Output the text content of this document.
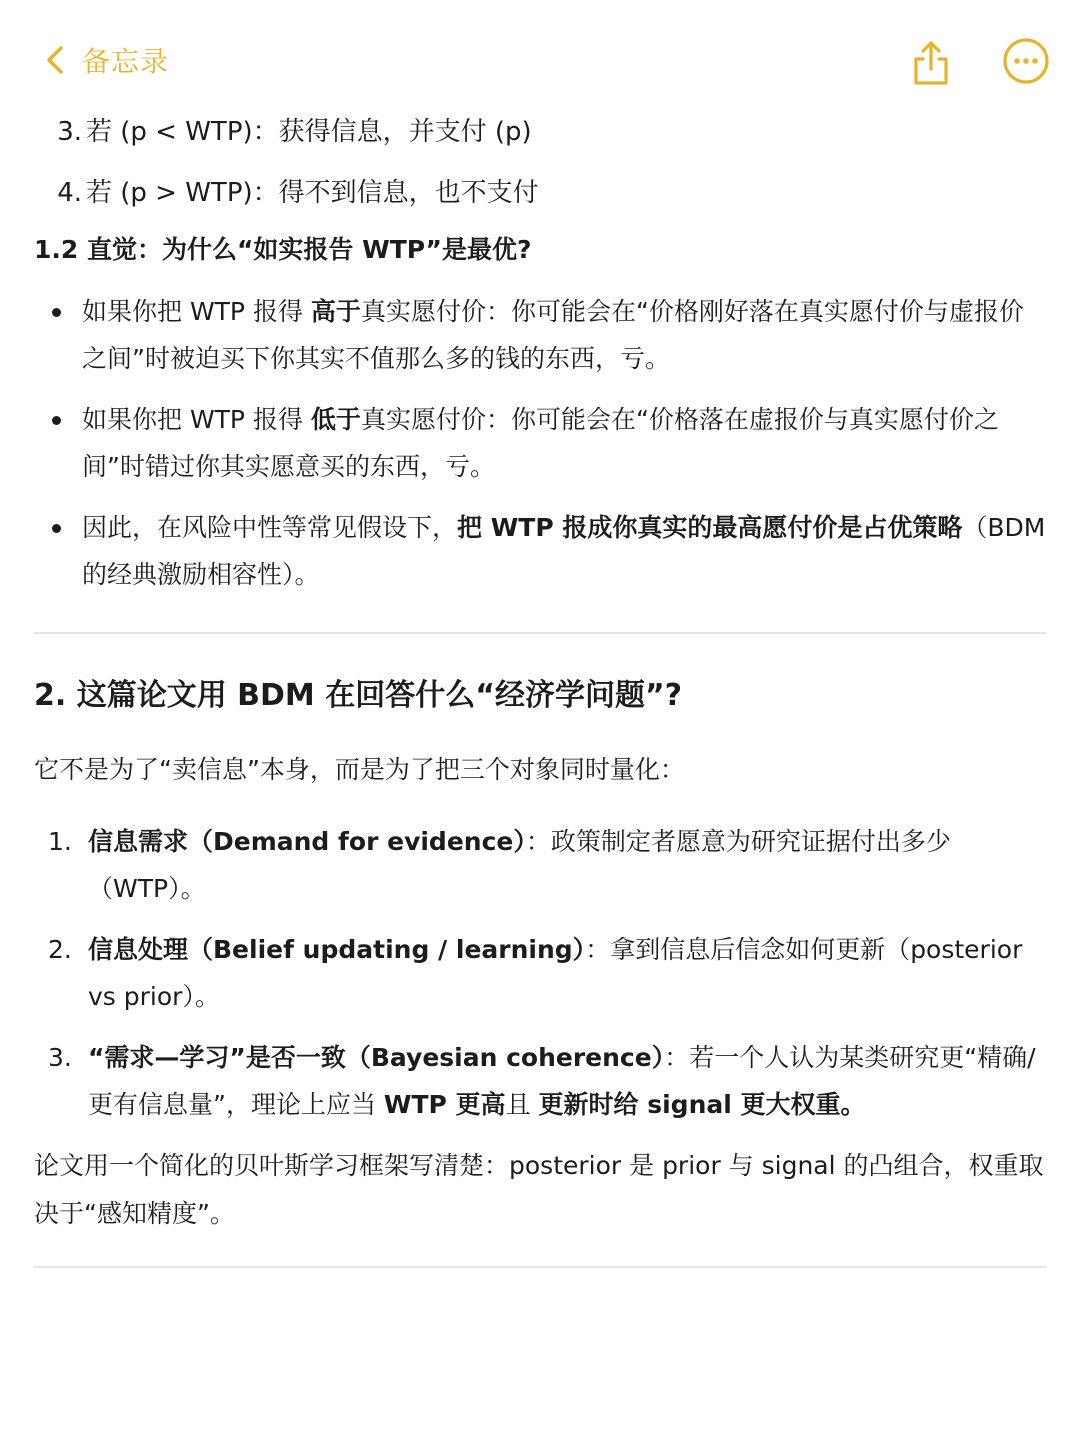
备忘录
3. 若 (p < WTP)：获得信息，并支付 (p)
4. 若 (p > WTP)：得不到信息，也不支付
1.2 直觉：为什么“如实报告 WTP”是最优?
如果你把 WTP 报得 高于真实愿付价：你可能会在“价格刚好落在真实愿付价与虚报价之间”时被迫买下你其实不值那么多的钱的东西，亏。
如果你把 WTP 报得 低于真实愿付价：你可能会在“价格落在虚报价与真实愿付价之间”时错过你其实愿意买的东西，亏。
因此，在风险中性等常见假设下，把 WTP 报成你真实的最高愿付价是占优策略（BDM 的经典激励相容性）。
2. 这篇论文用 BDM 在回答什么“经济学问题”?
它不是为了“卖信息”本身，而是为了把三个对象同时量化：
1. 信息需求（Demand for evidence）：政策制定者愿意为研究证据付出多少（WTP）。
2. 信息处理（Belief updating / learning）：拿到信息后信念如何更新（posterior vs prior）。
3. “需求—学习”是否一致（Bayesian coherence）：若一个人认为某类研究更“精确/更有信息量”，理论上应当 WTP 更高且 更新时给 signal 更大权重。
论文用一个简化的贝叶斯学习框架写清楚：posterior 是 prior 与 signal 的凸组合，权重取决于“感知精度”。
